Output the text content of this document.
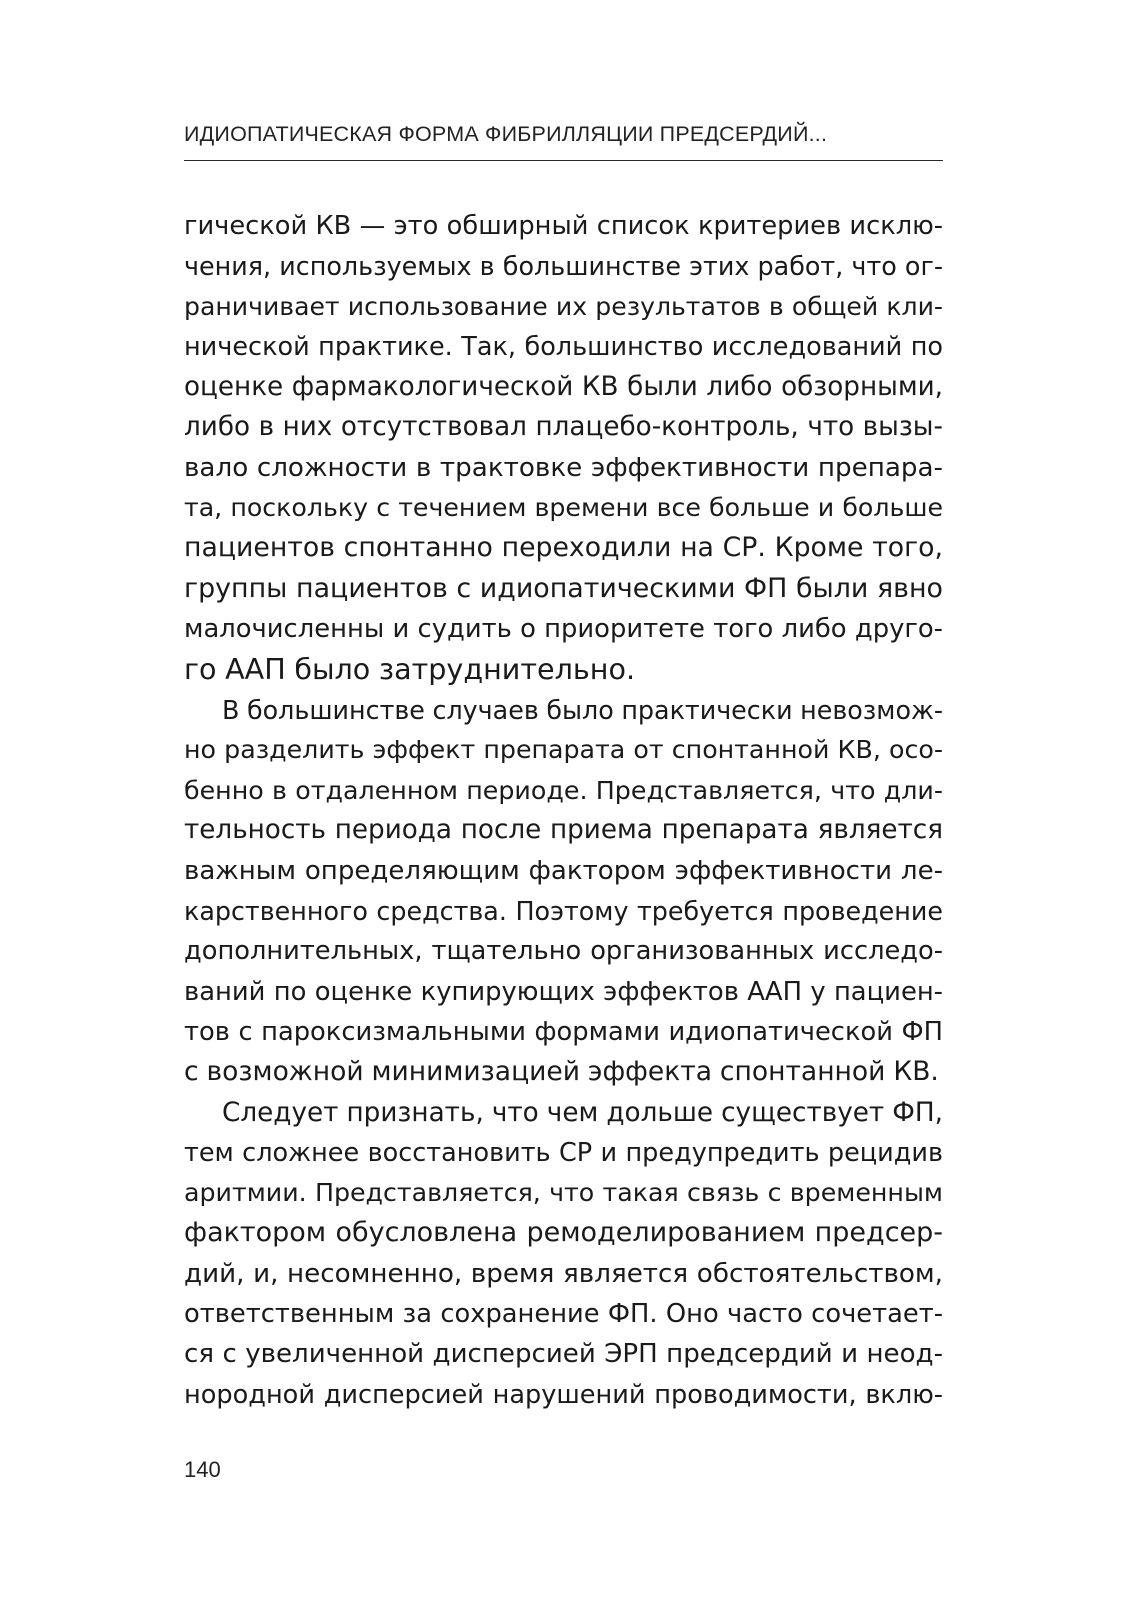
ИДИОПАТИЧЕСКАЯ ФОРМА ФИБРИЛЛЯЦИИ ПРЕДСЕРДИЙ...
гической КВ — это обширный список критериев исклю-
чения, используемых в большинстве этих работ, что ог-
раничивает использование их результатов в общей кли-
нической практике. Так, большинство исследований по
оценке фармакологической КВ были либо обзорными,
либо в них отсутствовал плацебо-контроль, что вызы-
вало сложности в трактовке эффективности препара-
та, поскольку с течением времени все больше и больше
пациентов спонтанно переходили на СР. Кроме того,
группы пациентов с идиопатическими ФП были явно
малочисленны и судить о приоритете того либо друго-
го ААП было затруднительно.
В большинстве случаев было практически невозмож-
но разделить эффект препарата от спонтанной КВ, осо-
бенно в отдаленном периоде. Представляется, что дли-
тельность периода после приема препарата является
важным определяющим фактором эффективности ле-
карственного средства. Поэтому требуется проведение
дополнительных, тщательно организованных исследо-
ваний по оценке купирующих эффектов ААП у пациен-
тов с пароксизмальными формами идиопатической ФП
с возможной минимизацией эффекта спонтанной КВ.
Следует признать, что чем дольше существует ФП,
тем сложнее восстановить СР и предупредить рецидив
аритмии. Представляется, что такая связь с временным
фактором обусловлена ремоделированием предсер-
дий, и, несомненно, время является обстоятельством,
ответственным за сохранение ФП. Оно часто сочетает-
ся с увеличенной дисперсией ЭРП предсердий и неод-
нородной дисперсией нарушений проводимости, вклю-
140
